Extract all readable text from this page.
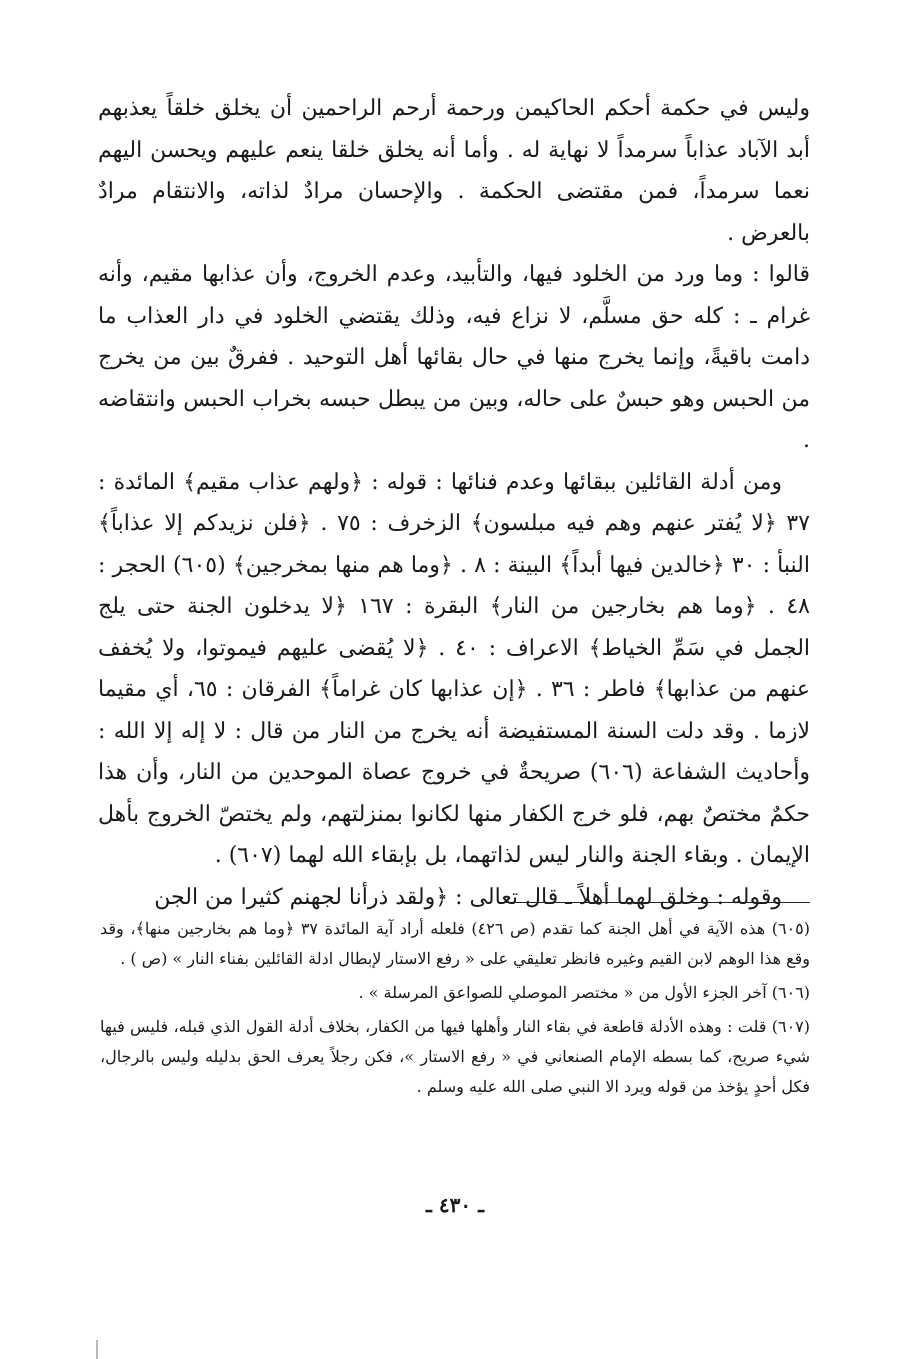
وليس في حكمة أحكم الحاكيمن ورحمة أرحم الراحمين أن يخلق خلقاً يعذبهم أبد الآباد عذاباً سرمداً لا نهاية له . وأما أنه يخلق خلقا ينعم عليهم ويحسن اليهم نعما سرمداً، فمن مقتضى الحكمة . والإحسان مرادٌ لذاته، والانتقام مرادٌ بالعرض .

قالوا : وما ورد من الخلود فيها، والتأبيد، وعدم الخروج، وأن عذابها مقيم، وأنه غرام ـ : كله حق مسلَّم، لا نزاع فيه، وذلك يقتضي الخلود في دار العذاب ما دامت باقيةً، وإنما يخرج منها في حال بقائها أهل التوحيد . ففرقٌ بين من يخرج من الحبس وهو حبسٌ على حاله، وبين من يبطل حبسه بخراب الحبس وانتقاضه .

ومن أدلة القائلين ببقائها وعدم فنائها : قوله : ﴿ولهم عذاب مقيم﴾ المائدة : ٣٧ ﴿لا يُفتر عنهم وهم فيه مبلسون﴾ الزخرف : ٧٥ . ﴿فلن نزيدكم إلا عذاباً﴾ النبأ : ٣٠ ﴿خالدين فيها أبداً﴾ البينة : ٨ . ﴿وما هم منها بمخرجين﴾ (٦٠٥) الحجر : ٤٨ . ﴿وما هم بخارجين من النار﴾ البقرة : ١٦٧ ﴿لا يدخلون الجنة حتى يلج الجمل في سَمِّ الخياط﴾ الاعراف : ٤٠ . ﴿لا يُقضى عليهم فيموتوا، ولا يُخفف عنهم من عذابها﴾ فاطر : ٣٦ . ﴿إن عذابها كان غراماً﴾ الفرقان : ٦٥، أي مقيما لازما . وقد دلت السنة المستفيضة أنه يخرج من النار من قال : لا إله إلا الله : وأحاديث الشفاعة (٦٠٦) صريحةٌ في خروج عصاة الموحدين من النار، وأن هذا حكمٌ مختصٌ بهم، فلو خرج الكفار منها لكانوا بمنزلتهم، ولم يختصّ الخروج بأهل الإيمان . وبقاء الجنة والنار ليس لذاتهما، بل بإبقاء الله لهما (٦٠٧) .

وقوله : وخلق لهما أهلاً ـ قال تعالى : ﴿ولقد ذرأنا لجهنم كثيرا من الجن

(٦٠٥) هذه الآية في أهل الجنة كما تقدم (ص ٤٢٦) فلعله أراد آية المائدة ٣٧ ﴿وما هم بخارجين منها﴾، وقد وقع هذا الوهم لابن القيم وغيره فانظر تعليقي على « رفع الاستار لإبطال ادلة القائلين بفناء النار » (ص ) .

(٦٠٦) آخر الجزء الأول من « مختصر الموصلي للصواعق المرسلة » .

(٦٠٧) قلت : وهذه الأدلة قاطعة في بقاء النار وأهلها فيها من الكفار، بخلاف أدلة القول الذي قبله، فليس فيها شيء صريح، كما بسطه الإمام الصنعاني في « رفع الاستار »، فكن رجلاً يعرف الحق بدليله وليس بالرجال، فكل أحدٍ يؤخذ من قوله ويرد الا النبي صلى الله عليه وسلم .

ـ ٤٣٠ ـ
